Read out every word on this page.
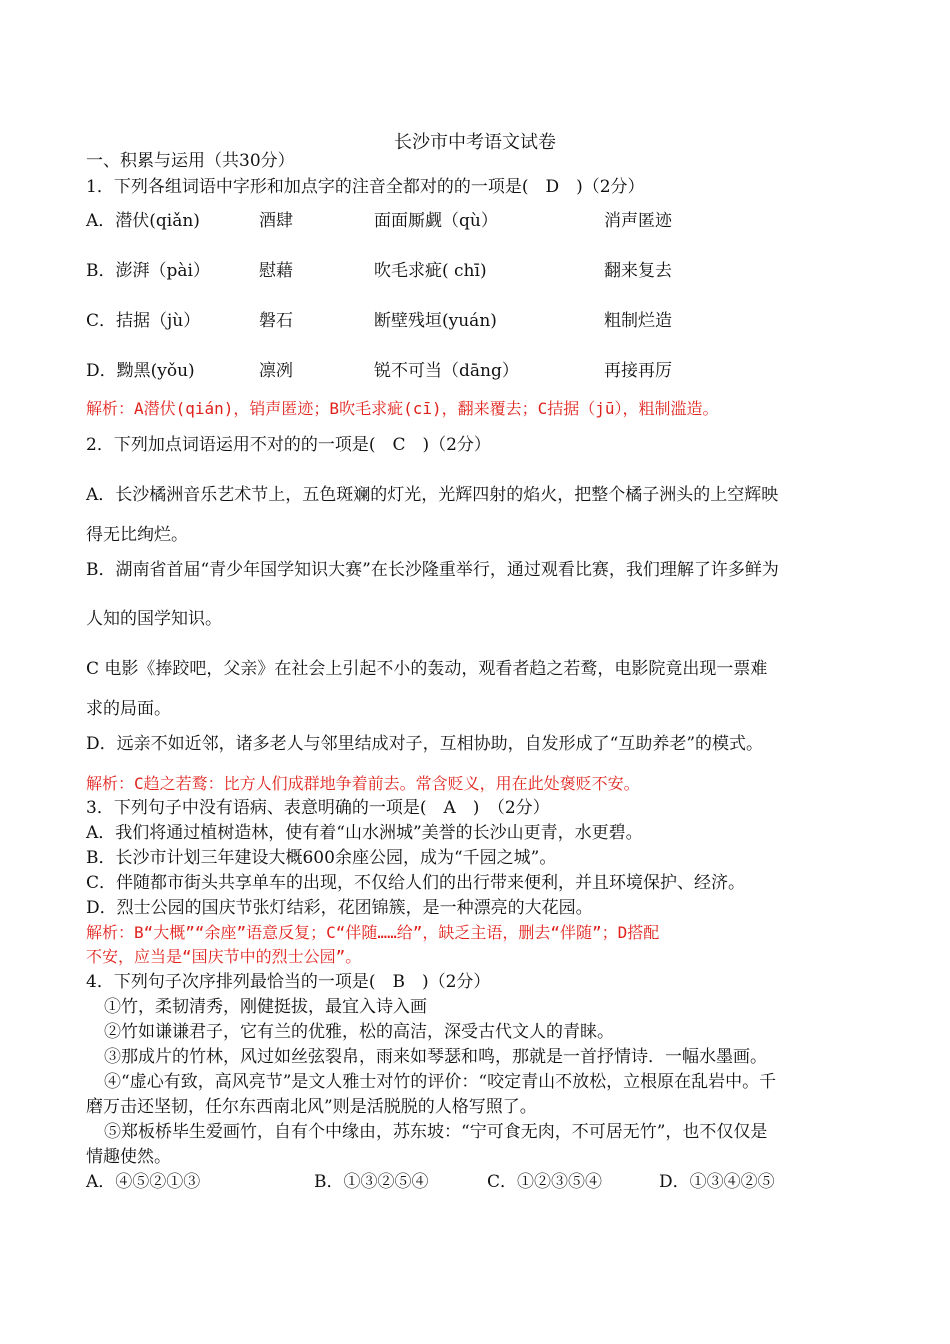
长沙市中考语文试卷
一、积累与运用（共30分）
1．下列各组词语中字形和加点字的注音全都对的的一项是(　D　)（2分）
A．潜伏(qiǎn)	酒肆	面面厮觑（qù）	消声匿迹
B．澎湃（pài）	慰藉	吹毛求疵( chī)	翻来复去
C．拮据（jù）	磐石	断壁残垣(yuán)	粗制烂造
D．黝黑(yǒu)	凛冽	锐不可当（dāng）	再接再厉
解析：A潜伏(qián)，销声匿迹；B吹毛求疵(cī)，翻来覆去；C拮据（jū），粗制滥造。
2．下列加点词语运用不对的的一项是(　C　)（2分）
A．长沙橘洲音乐艺术节上，五色斑斓的灯光，光辉四射的焰火，把整个橘子洲头的上空辉映
得无比绚烂。
B．湖南省首届“青少年国学知识大赛”在长沙隆重举行，通过观看比赛，我们理解了许多鲜为
人知的国学知识。
C 电影《捧跤吧，父亲》在社会上引起不小的轰动，观看者趋之若鹜，电影院竟出现一票难
求的局面。
D．远亲不如近邻，诸多老人与邻里结成对子，互相协助，自发形成了“互助养老”的模式。
解析：C趋之若鹜：比方人们成群地争着前去。常含贬义，用在此处褒贬不安。
3．下列句子中没有语病、表意明确的一项是(　A　)　（2分）
A．我们将通过植树造林，使有着“山水洲城”美誉的长沙山更青，水更碧。
B．长沙市计划三年建设大概600余座公园，成为“千园之城”。
C．伴随都市街头共享单车的出现，不仅给人们的出行带来便利，并且环境保护、经济。
D．烈士公园的国庆节张灯结彩，花团锦簇，是一种漂亮的大花园。
解析：B“大概”“余座”语意反复；C“伴随……给”，缺乏主语，删去“伴随”；D搭配
不安，应当是“国庆节中的烈士公园”。
4．下列句子次序排列最恰当的一项是(　B　)（2分）
①竹，柔韧清秀，刚健挺拔，最宜入诗入画
②竹如谦谦君子，它有兰的优雅，松的高洁，深受古代文人的青睐。
③那成片的竹林，风过如丝弦裂帛，雨来如琴瑟和鸣，那就是一首抒情诗．一幅水墨画。
④“虚心有致，高风亮节”是文人雅士对竹的评价：“咬定青山不放松，立根原在乱岩中。千
磨万击还坚韧，任尔东西南北风”则是活脱脱的人格写照了。
⑤郑板桥毕生爱画竹，自有个中缘由，苏东坡：“宁可食无肉，不可居无竹”，也不仅仅是
情趣使然。
A．④⑤②①③	B．①③②⑤④	C．①②③⑤④	D．①③④②⑤
